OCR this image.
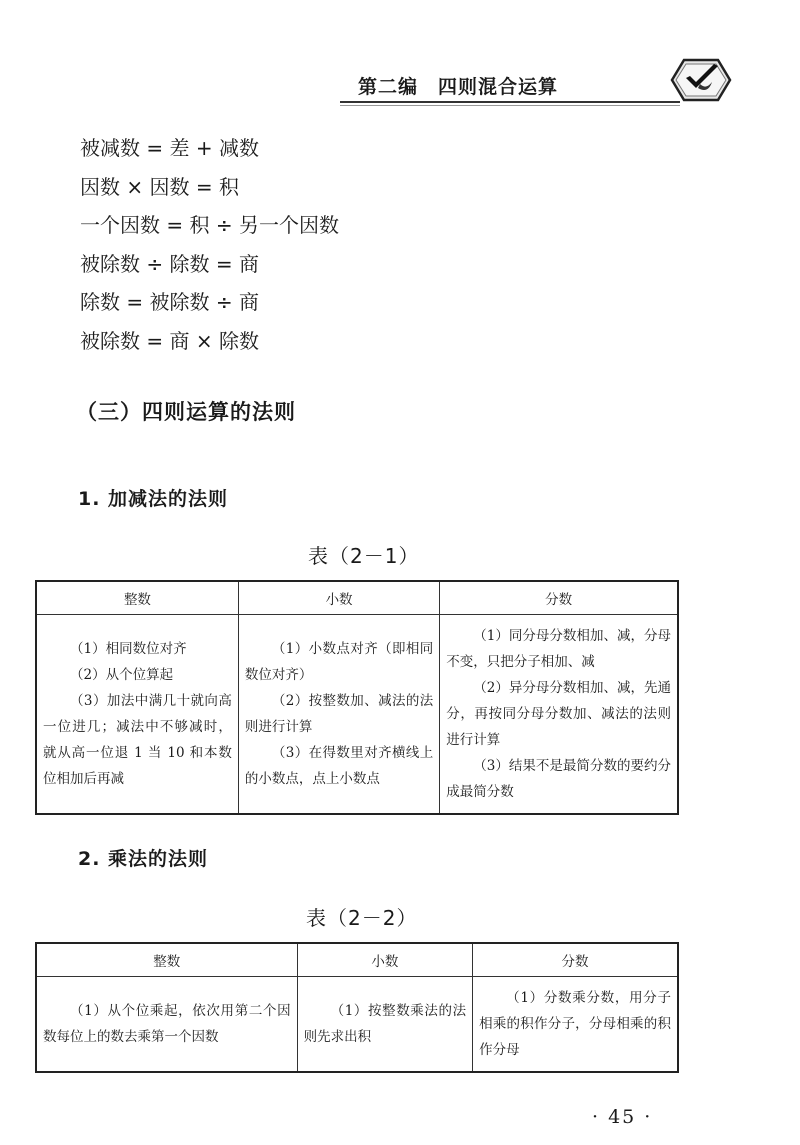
第二编　四则混合运算
被减数 = 差 + 减数
因数 × 因数 = 积
一个因数 = 积 ÷ 另一个因数
被除数 ÷ 除数 = 商
除数 = 被除数 ÷ 商
被除数 = 商 × 除数
（三）四则运算的法则
1. 加减法的法则
表（2－1）
整数	小数	分数

（1）相同数位对齐
（2）从个位算起
（3）加法中满几十就向高一位进几；减法中不够减时，就从高一位退 1 当 10 和本数位相加后再减	（1）小数点对齐（即相同数位对齐）
（2）按整数加、减法的法则进行计算
（3）在得数里对齐横线上的小数点，点上小数点	（1）同分母分数相加、减，分母不变，只把分子相加、减
（2）异分母分数相加、减，先通分，再按同分母分数加、减法的法则进行计算
（3）结果不是最简分数的要约分成最简分数
2. 乘法的法则
表（2－2）
整数	小数	分数

（1）从个位乘起，依次用第二个因数每位上的数去乘第一个因数	（1）按整数乘法的法则先求出积	（1）分数乘分数，用分子相乘的积作分子，分母相乘的积作分母
· 45 ·
